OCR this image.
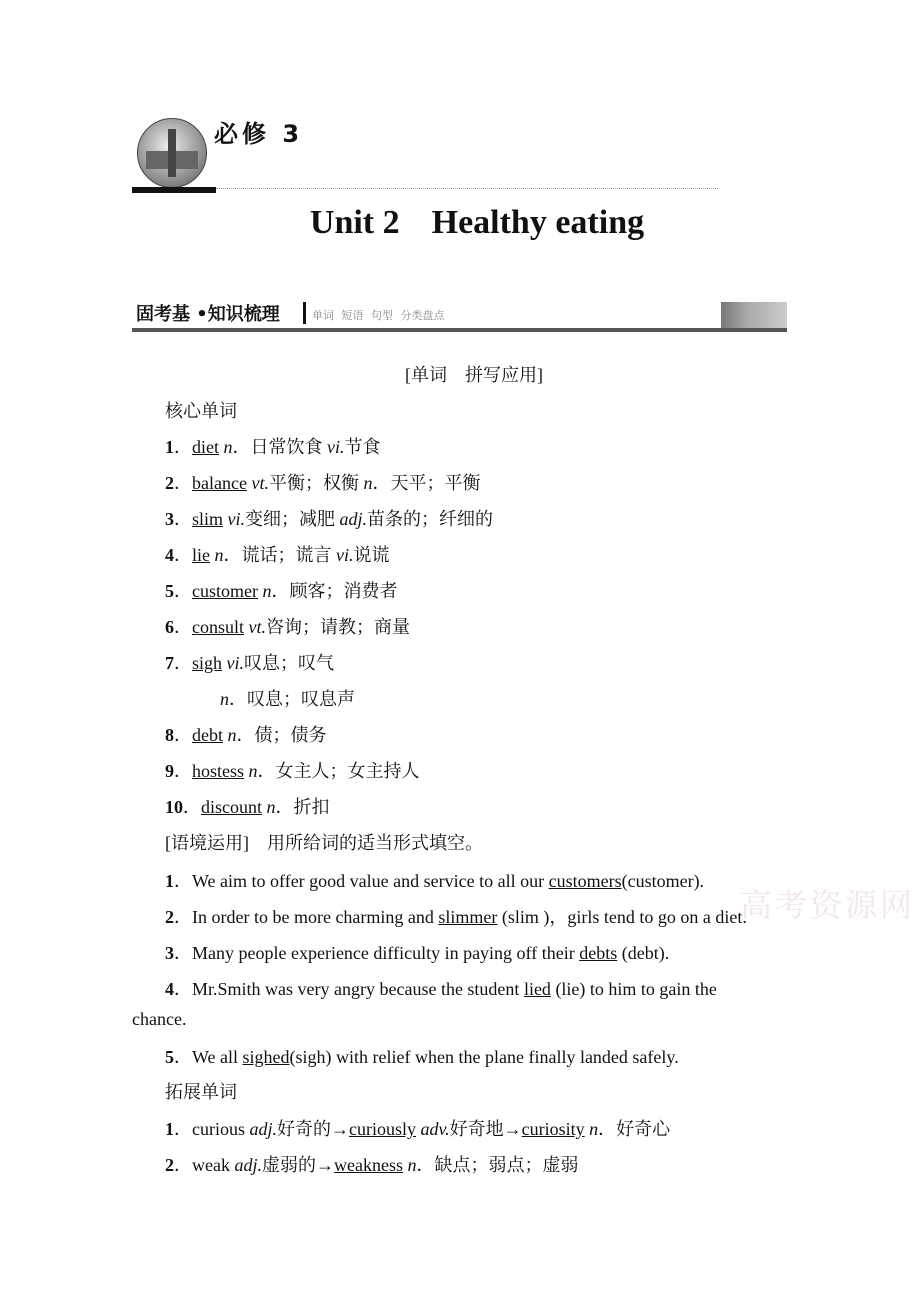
必修 3
Unit 2 Healthy eating
固考基 •知识梳理	单词 短语 句型 分类盘点
高考资源网
[单词　拼写应用]
核心单词
1．diet n．日常饮食 vi.节食
2．balance vt.平衡；权衡 n．天平；平衡
3．slim vi.变细；减肥 adj.苗条的；纤细的
4．lie n．谎话；谎言 vi.说谎
5．customer n．顾客；消费者
6．consult vt.咨询；请教；商量
7．sigh vi.叹息；叹气
n．叹息；叹息声
8．debt n．债；债务
9．hostess n．女主人；女主持人
10．discount n．折扣
[语境运用]　用所给词的适当形式填空。
1．We aim to offer good value and service to all our customers(customer).
2．In order to be more charming and slimmer (slim )，girls tend to go on a diet.
3．Many people experience difficulty in paying off their debts (debt).
4．Mr.Smith was very angry because the student lied (lie) to him to gain the
chance.
5．We all sighed(sigh) with relief when the plane finally landed safely.
拓展单词
1．curious adj.好奇的→curiously adv.好奇地→curiosity n．好奇心
2．weak adj.虚弱的→weakness n．缺点；弱点；虚弱
